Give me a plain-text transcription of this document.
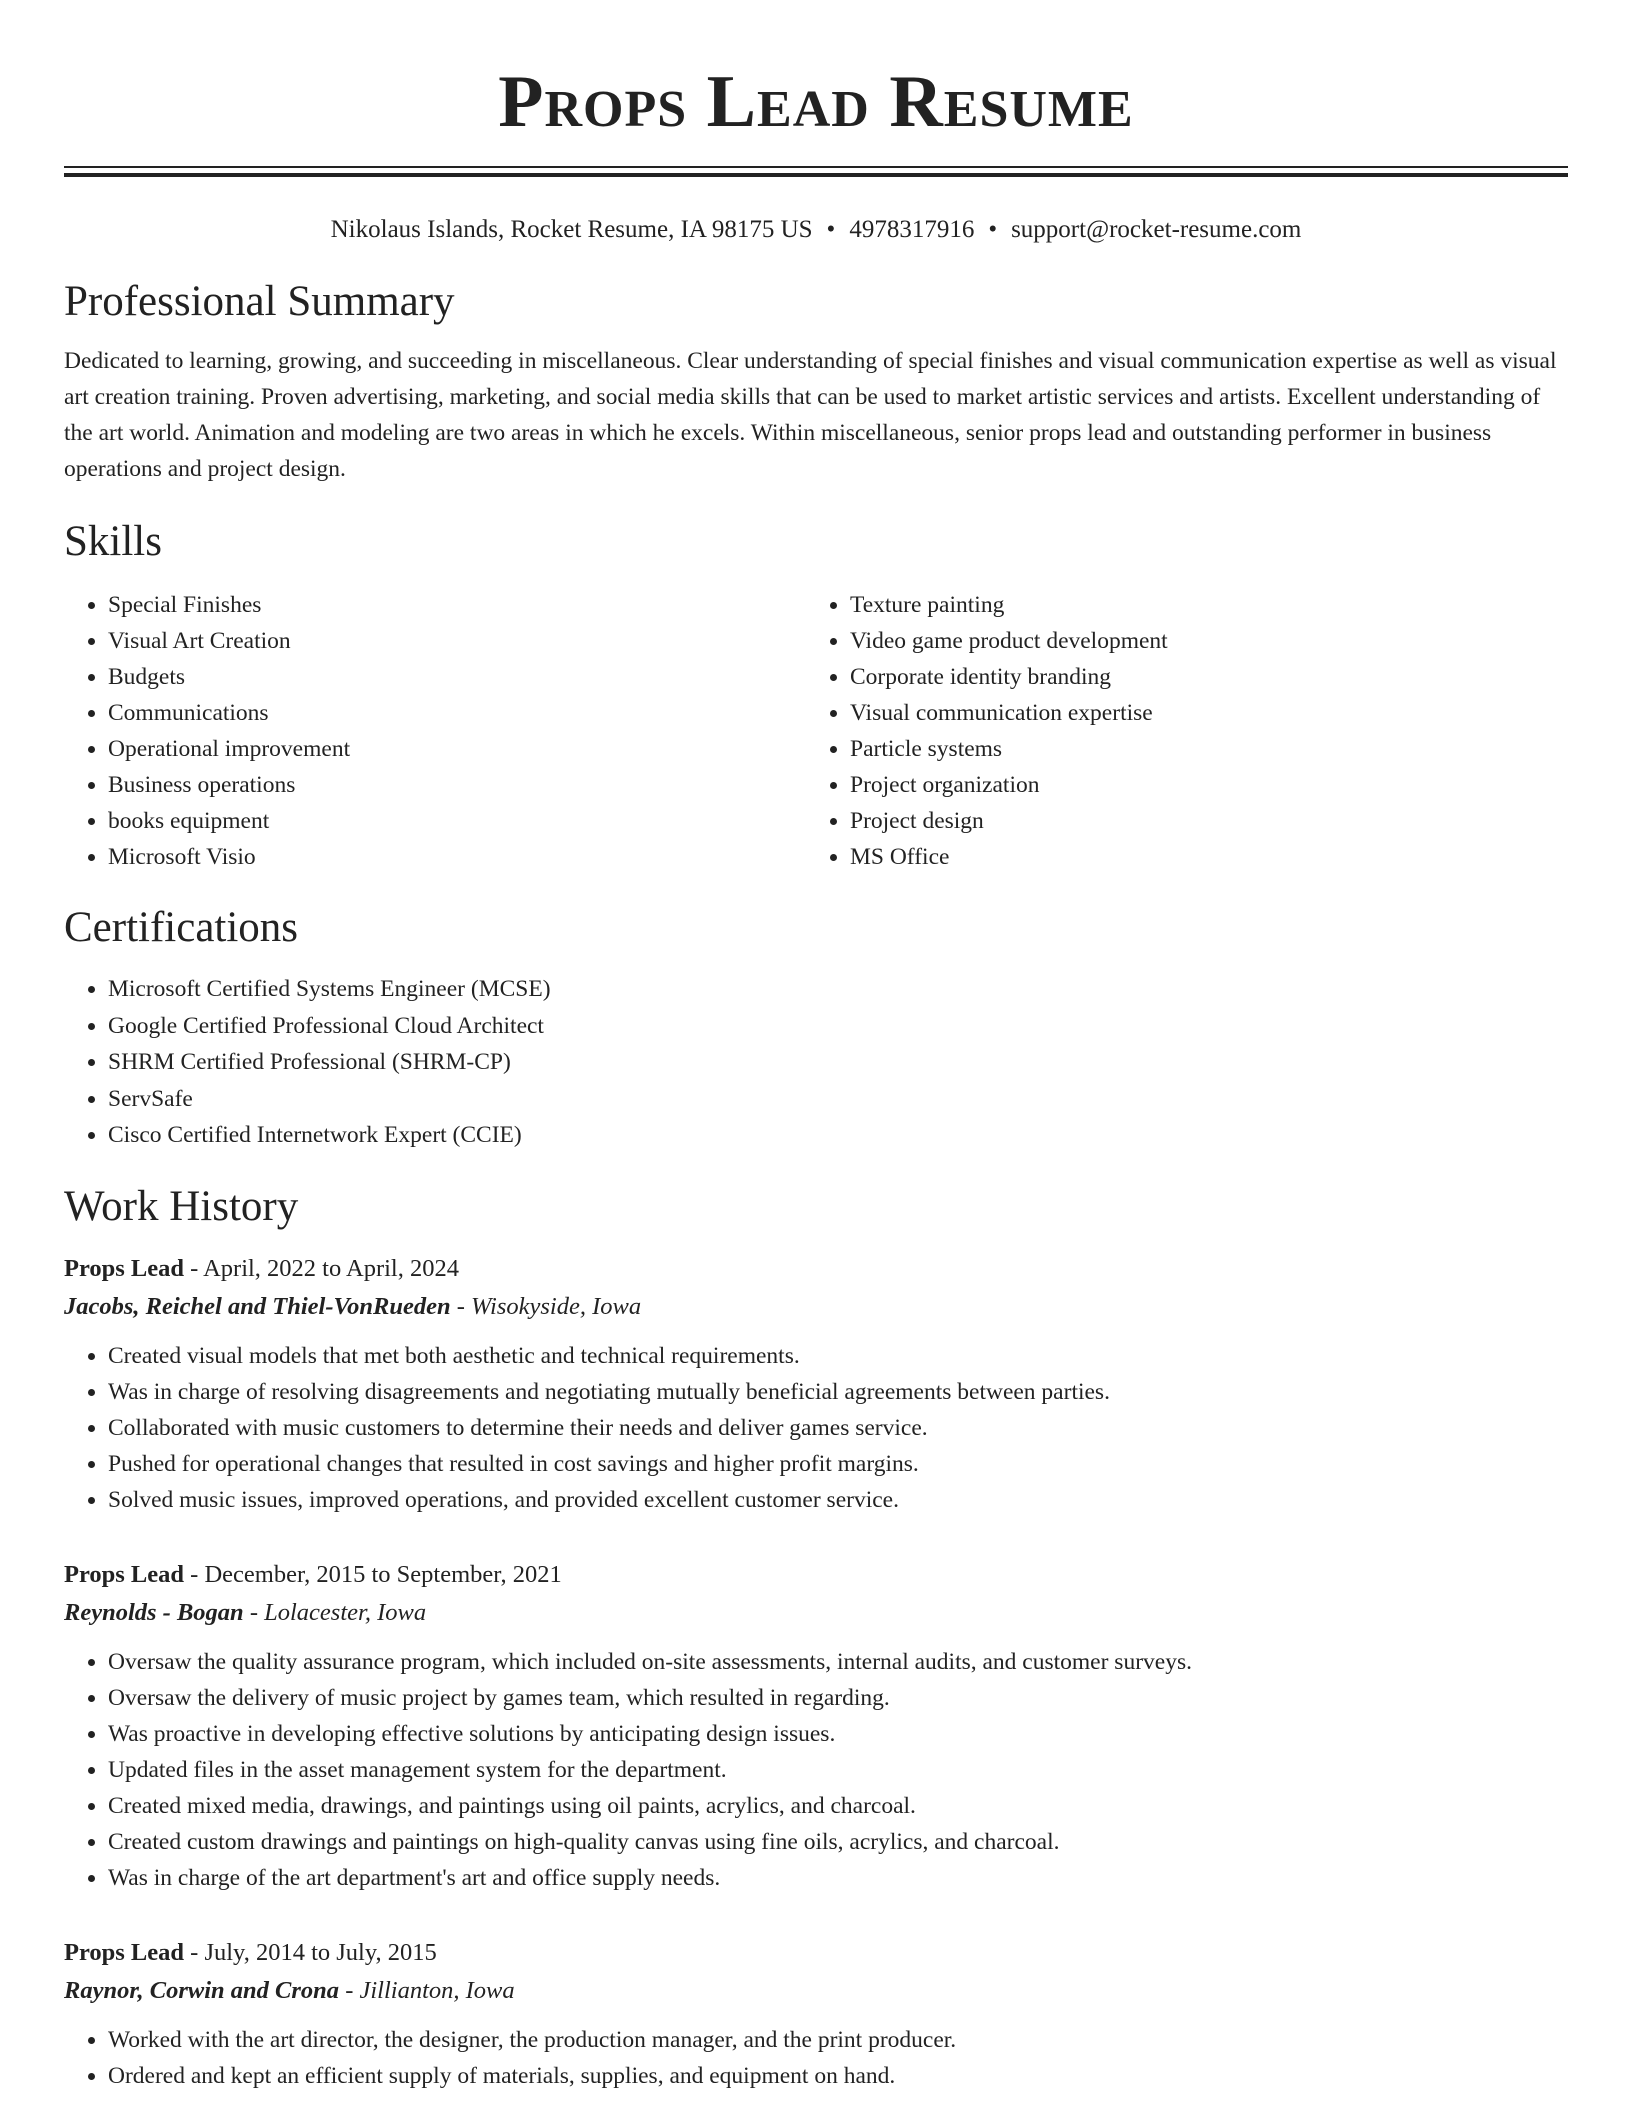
Props Lead Resume
Nikolaus Islands, Rocket Resume, IA 98175 US • 4978317916 • support@rocket-resume.com
Professional Summary

Dedicated to learning, growing, and succeeding in miscellaneous. Clear understanding of special finishes and visual communication expertise as well as visual art creation training. Proven advertising, marketing, and social media skills that can be used to market artistic services and artists. Excellent understanding of the art world. Animation and modeling are two areas in which he excels. Within miscellaneous, senior props lead and outstanding performer in business operations and project design.

Skills
• Special Finishes
• Visual Art Creation
• Budgets
• Communications
• Operational improvement
• Business operations
• books equipment
• Microsoft Visio
• Texture painting
• Video game product development
• Corporate identity branding
• Visual communication expertise
• Particle systems
• Project organization
• Project design
• MS Office
Certifications
• Microsoft Certified Systems Engineer (MCSE)
• Google Certified Professional Cloud Architect
• SHRM Certified Professional (SHRM-CP)
• ServSafe
• Cisco Certified Internetwork Expert (CCIE)
Work History
Props Lead - April, 2022 to April, 2024
Jacobs, Reichel and Thiel-VonRueden - Wisokyside, Iowa
• Created visual models that met both aesthetic and technical requirements.
• Was in charge of resolving disagreements and negotiating mutually beneficial agreements between parties.
• Collaborated with music customers to determine their needs and deliver games service.
• Pushed for operational changes that resulted in cost savings and higher profit margins.
• Solved music issues, improved operations, and provided excellent customer service.
Props Lead - December, 2015 to September, 2021
Reynolds - Bogan - Lolacester, Iowa
• Oversaw the quality assurance program, which included on-site assessments, internal audits, and customer surveys.
• Oversaw the delivery of music project by games team, which resulted in regarding.
• Was proactive in developing effective solutions by anticipating design issues.
• Updated files in the asset management system for the department.
• Created mixed media, drawings, and paintings using oil paints, acrylics, and charcoal.
• Created custom drawings and paintings on high-quality canvas using fine oils, acrylics, and charcoal.
• Was in charge of the art department's art and office supply needs.
Props Lead - July, 2014 to July, 2015
Raynor, Corwin and Crona - Jillianton, Iowa
• Worked with the art director, the designer, the production manager, and the print producer.
• Ordered and kept an efficient supply of materials, supplies, and equipment on hand.
